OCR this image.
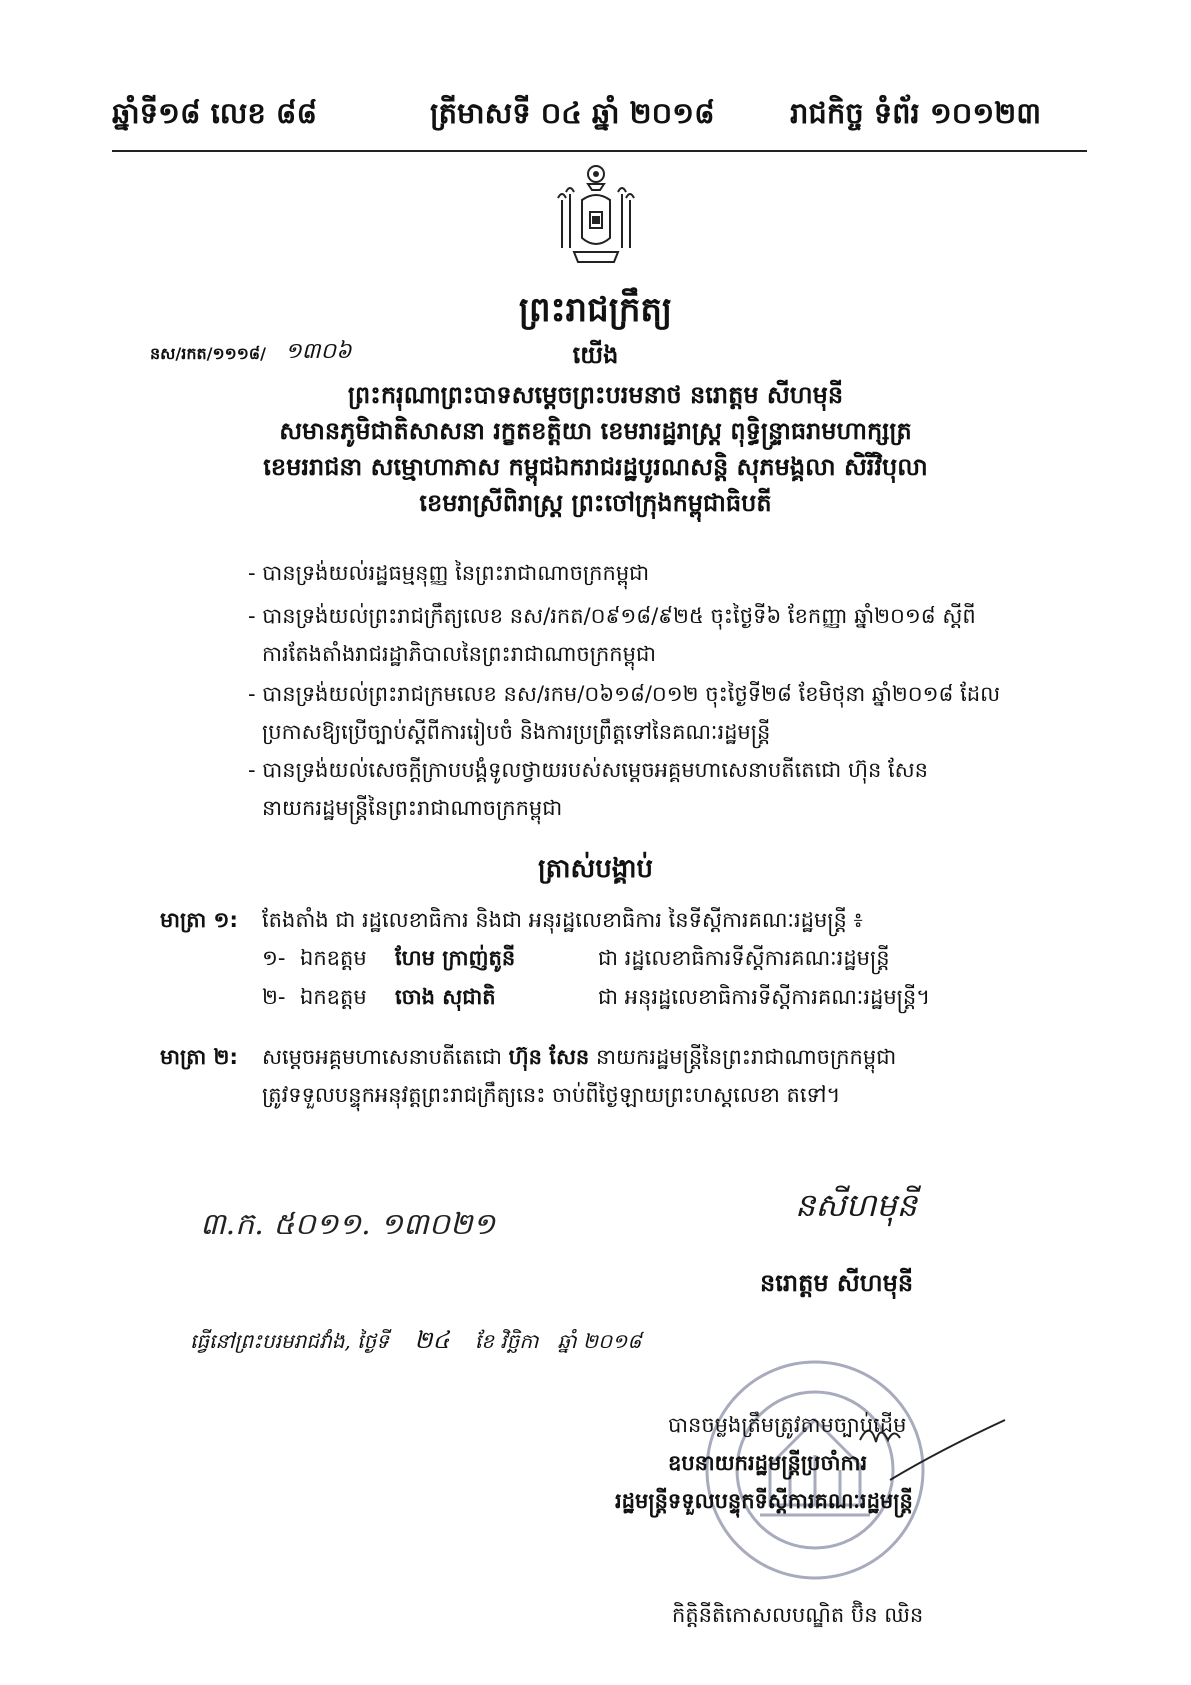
ឆ្នាំទី១៨ លេខ ៨៨	ត្រីមាសទី ០៤ ឆ្នាំ ២០១៨	រាជកិច្ច ទំព័រ ១០១២៣
ព្រះរាជក្រឹត្យ
នស/រកត/១១១៨/ ១៣០៦	យើង
ព្រះករុណាព្រះបាទសម្តេចព្រះបរមនាថ នរោត្តម សីហមុនី
សមានភូមិជាតិសាសនា រក្ខតខត្តិយា ខេមរារដ្ឋរាស្ត្រ ពុទ្ធិន្ទ្រាធរាមហាក្សត្រ
ខេមររាជនា សម្មោហាភាស កម្ពុជឯករាជរដ្ឋបូរណសន្តិ សុភមង្គលា សិរីវិបុលា
ខេមរាស្រីពិរាស្ត្រ ព្រះចៅក្រុងកម្ពុជាធិបតី
- បានទ្រង់យល់រដ្ឋធម្មនុញ្ញ នៃព្រះរាជាណាចក្រកម្ពុជា
- បានទ្រង់យល់ព្រះរាជក្រឹត្យលេខ នស/រកត/០៩១៨/៩២៥ ចុះថ្ងៃទី៦ ខែកញ្ញា ឆ្នាំ២០១៨ ស្តីពី
ការតែងតាំងរាជរដ្ឋាភិបាលនៃព្រះរាជាណាចក្រកម្ពុជា
- បានទ្រង់យល់ព្រះរាជក្រមលេខ នស/រកម/០៦១៨/០១២ ចុះថ្ងៃទី២៨ ខែមិថុនា ឆ្នាំ២០១៨ ដែល
ប្រកាសឱ្យប្រើច្បាប់ស្តីពីការរៀបចំ និងការប្រព្រឹត្តទៅនៃគណៈរដ្ឋមន្ត្រី
- បានទ្រង់យល់សេចក្តីក្រាបបង្គំទូលថ្វាយរបស់សម្តេចអគ្គមហាសេនាបតីតេជោ ហ៊ុន សែន
នាយករដ្ឋមន្ត្រីនៃព្រះរាជាណាចក្រកម្ពុជា
ត្រាស់បង្គាប់
មាត្រា ១: តែងតាំង ជា រដ្ឋលេខាធិការ និងជា អនុរដ្ឋលេខាធិការ នៃទីស្តីការគណៈរដ្ឋមន្ត្រី ៖
១- ឯកឧត្តម ហែម ក្រាញ់តូនី	ជា រដ្ឋលេខាធិការទីស្តីការគណៈរដ្ឋមន្ត្រី
២- ឯកឧត្តម ចោង សុជាតិ	ជា អនុរដ្ឋលេខាធិការទីស្តីការគណៈរដ្ឋមន្ត្រី។
មាត្រា ២: សម្តេចអគ្គមហាសេនាបតីតេជោ ហ៊ុន សែន នាយករដ្ឋមន្ត្រីនៃព្រះរាជាណាចក្រកម្ពុជា
ត្រូវទទួលបន្ទុកអនុវត្តព្រះរាជក្រឹត្យនេះ ចាប់ពីថ្ងៃឡាយព្រះហស្តលេខា តទៅ។
៣.ក. ៥០១១. ១៣០២១
នសីហមុនី
នរោត្តម សីហមុនី
ធ្វើនៅព្រះបរមរាជវាំង, ថ្ងៃទី ២៤ ខែ វិច្ឆិកា ឆ្នាំ ២០១៨
បានចម្លងត្រឹមត្រូវតាមច្បាប់ដើម
ឧបនាយករដ្ឋមន្ត្រីប្រចាំការ
រដ្ឋមន្ត្រីទទួលបន្ទុកទីស្តីការគណៈរដ្ឋមន្ត្រី
កិត្តិនីតិកោសលបណ្ឌិត ប៊ិន ឈិន
